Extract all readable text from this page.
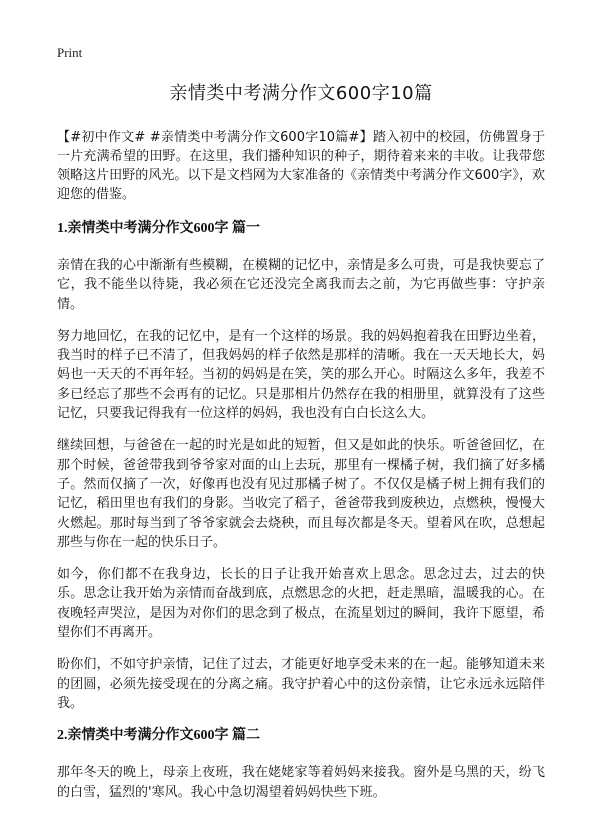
Print
亲情类中考满分作文600字10篇

【#初中作文# #亲情类中考满分作文600字10篇#】踏入初中的校园，仿佛置身于一片充满希望的田野。在这里，我们播种知识的种子，期待着来来的丰收。让我带您领略这片田野的风光。以下是文档网为大家准备的《亲情类中考满分作文600字》，欢迎您的借鉴。

1.亲情类中考满分作文600字 篇一

亲情在我的心中渐渐有些模糊，在模糊的记忆中，亲情是多么可贵，可是我快要忘了它，我不能坐以待毙，我必须在它还没完全离我而去之前，为它再做些事：守护亲情。

努力地回忆，在我的记忆中，是有一个这样的场景。我的妈妈抱着我在田野边坐着，我当时的样子已不清了，但我妈妈的样子依然是那样的清晰。我在一天天地长大，妈妈也一天天的不再年轻。当初的妈妈是在笑，笑的那么开心。时隔这么多年，我差不多已经忘了那些不会再有的记忆。只是那相片仍然存在我的相册里，就算没有了这些记忆，只要我记得我有一位这样的妈妈，我也没有白白长这么大。

继续回想，与爸爸在一起的时光是如此的短暂，但又是如此的快乐。听爸爸回忆，在那个时候，爸爸带我到爷爷家对面的山上去玩，那里有一棵橘子树，我们摘了好多橘子。然而仅摘了一次，好像再也没有见过那橘子树了。不仅仅是橘子树上拥有我们的记忆，稻田里也有我们的身影。当收完了稻子，爸爸带我到废秧边，点燃秧，慢慢大火燃起。那时每当到了爷爷家就会去烧秧，而且每次都是冬天。望着风在吹，总想起那些与你在一起的快乐日子。

如今，你们都不在我身边，长长的日子让我开始喜欢上思念。思念过去，过去的快乐。思念让我开始为亲情而奋战到底，点燃思念的火把，赶走黑暗，温暖我的心。在夜晚轻声哭泣，是因为对你们的思念到了极点，在流星划过的瞬间，我许下愿望，希望你们不再离开。

盼你们，不如守护亲情，记住了过去，才能更好地享受未来的在一起。能够知道未来的团圆，必须先接受现在的分离之痛。我守护着心中的这份亲情，让它永远永远陪伴我。

2.亲情类中考满分作文600字 篇二

那年冬天的晚上，母亲上夜班，我在姥姥家等着妈妈来接我。窗外是乌黑的天，纷飞的白雪，猛烈的'寒风。我心中急切渴望着妈妈快些下班。
